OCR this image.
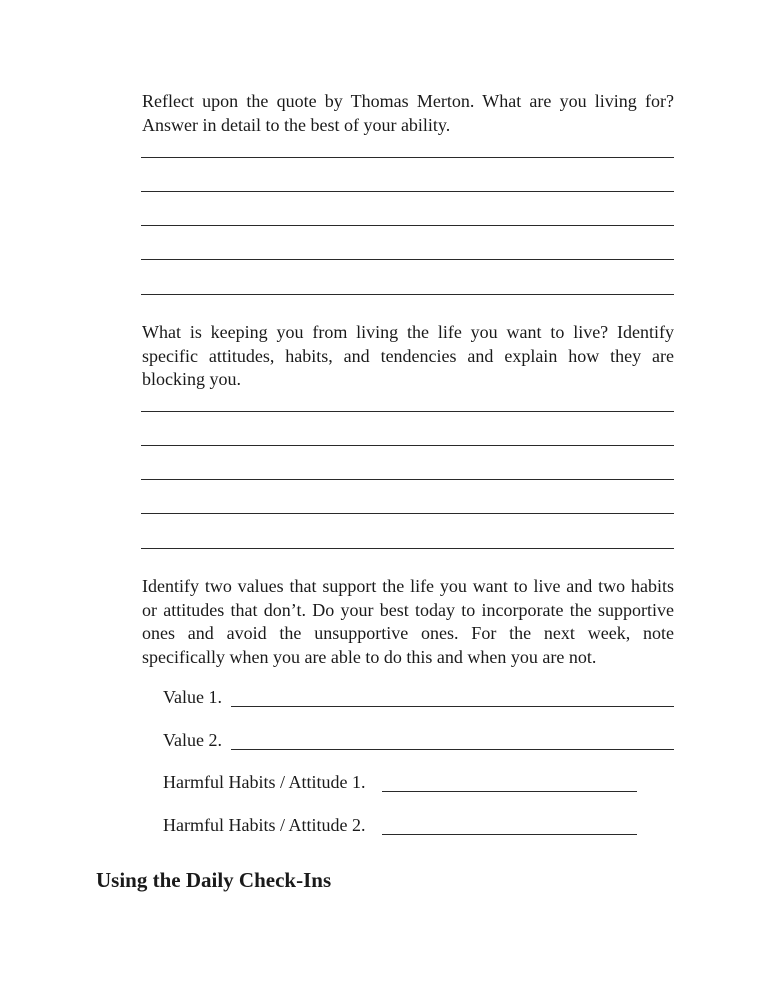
Reflect upon the quote by Thomas Merton. What are you living for? Answer in detail to the best of your ability.
What is keeping you from living the life you want to live? Identify specific attitudes, habits, and tendencies and explain how they are blocking you.
Identify two values that support the life you want to live and two habits or attitudes that don’t. Do your best today to incorporate the supportive ones and avoid the unsupportive ones. For the next week, note specifically when you are able to do this and when you are not.
Value 1.
Value 2.
Harmful Habits / Attitude 1.
Harmful Habits / Attitude 2.
Using the Daily Check-Ins
